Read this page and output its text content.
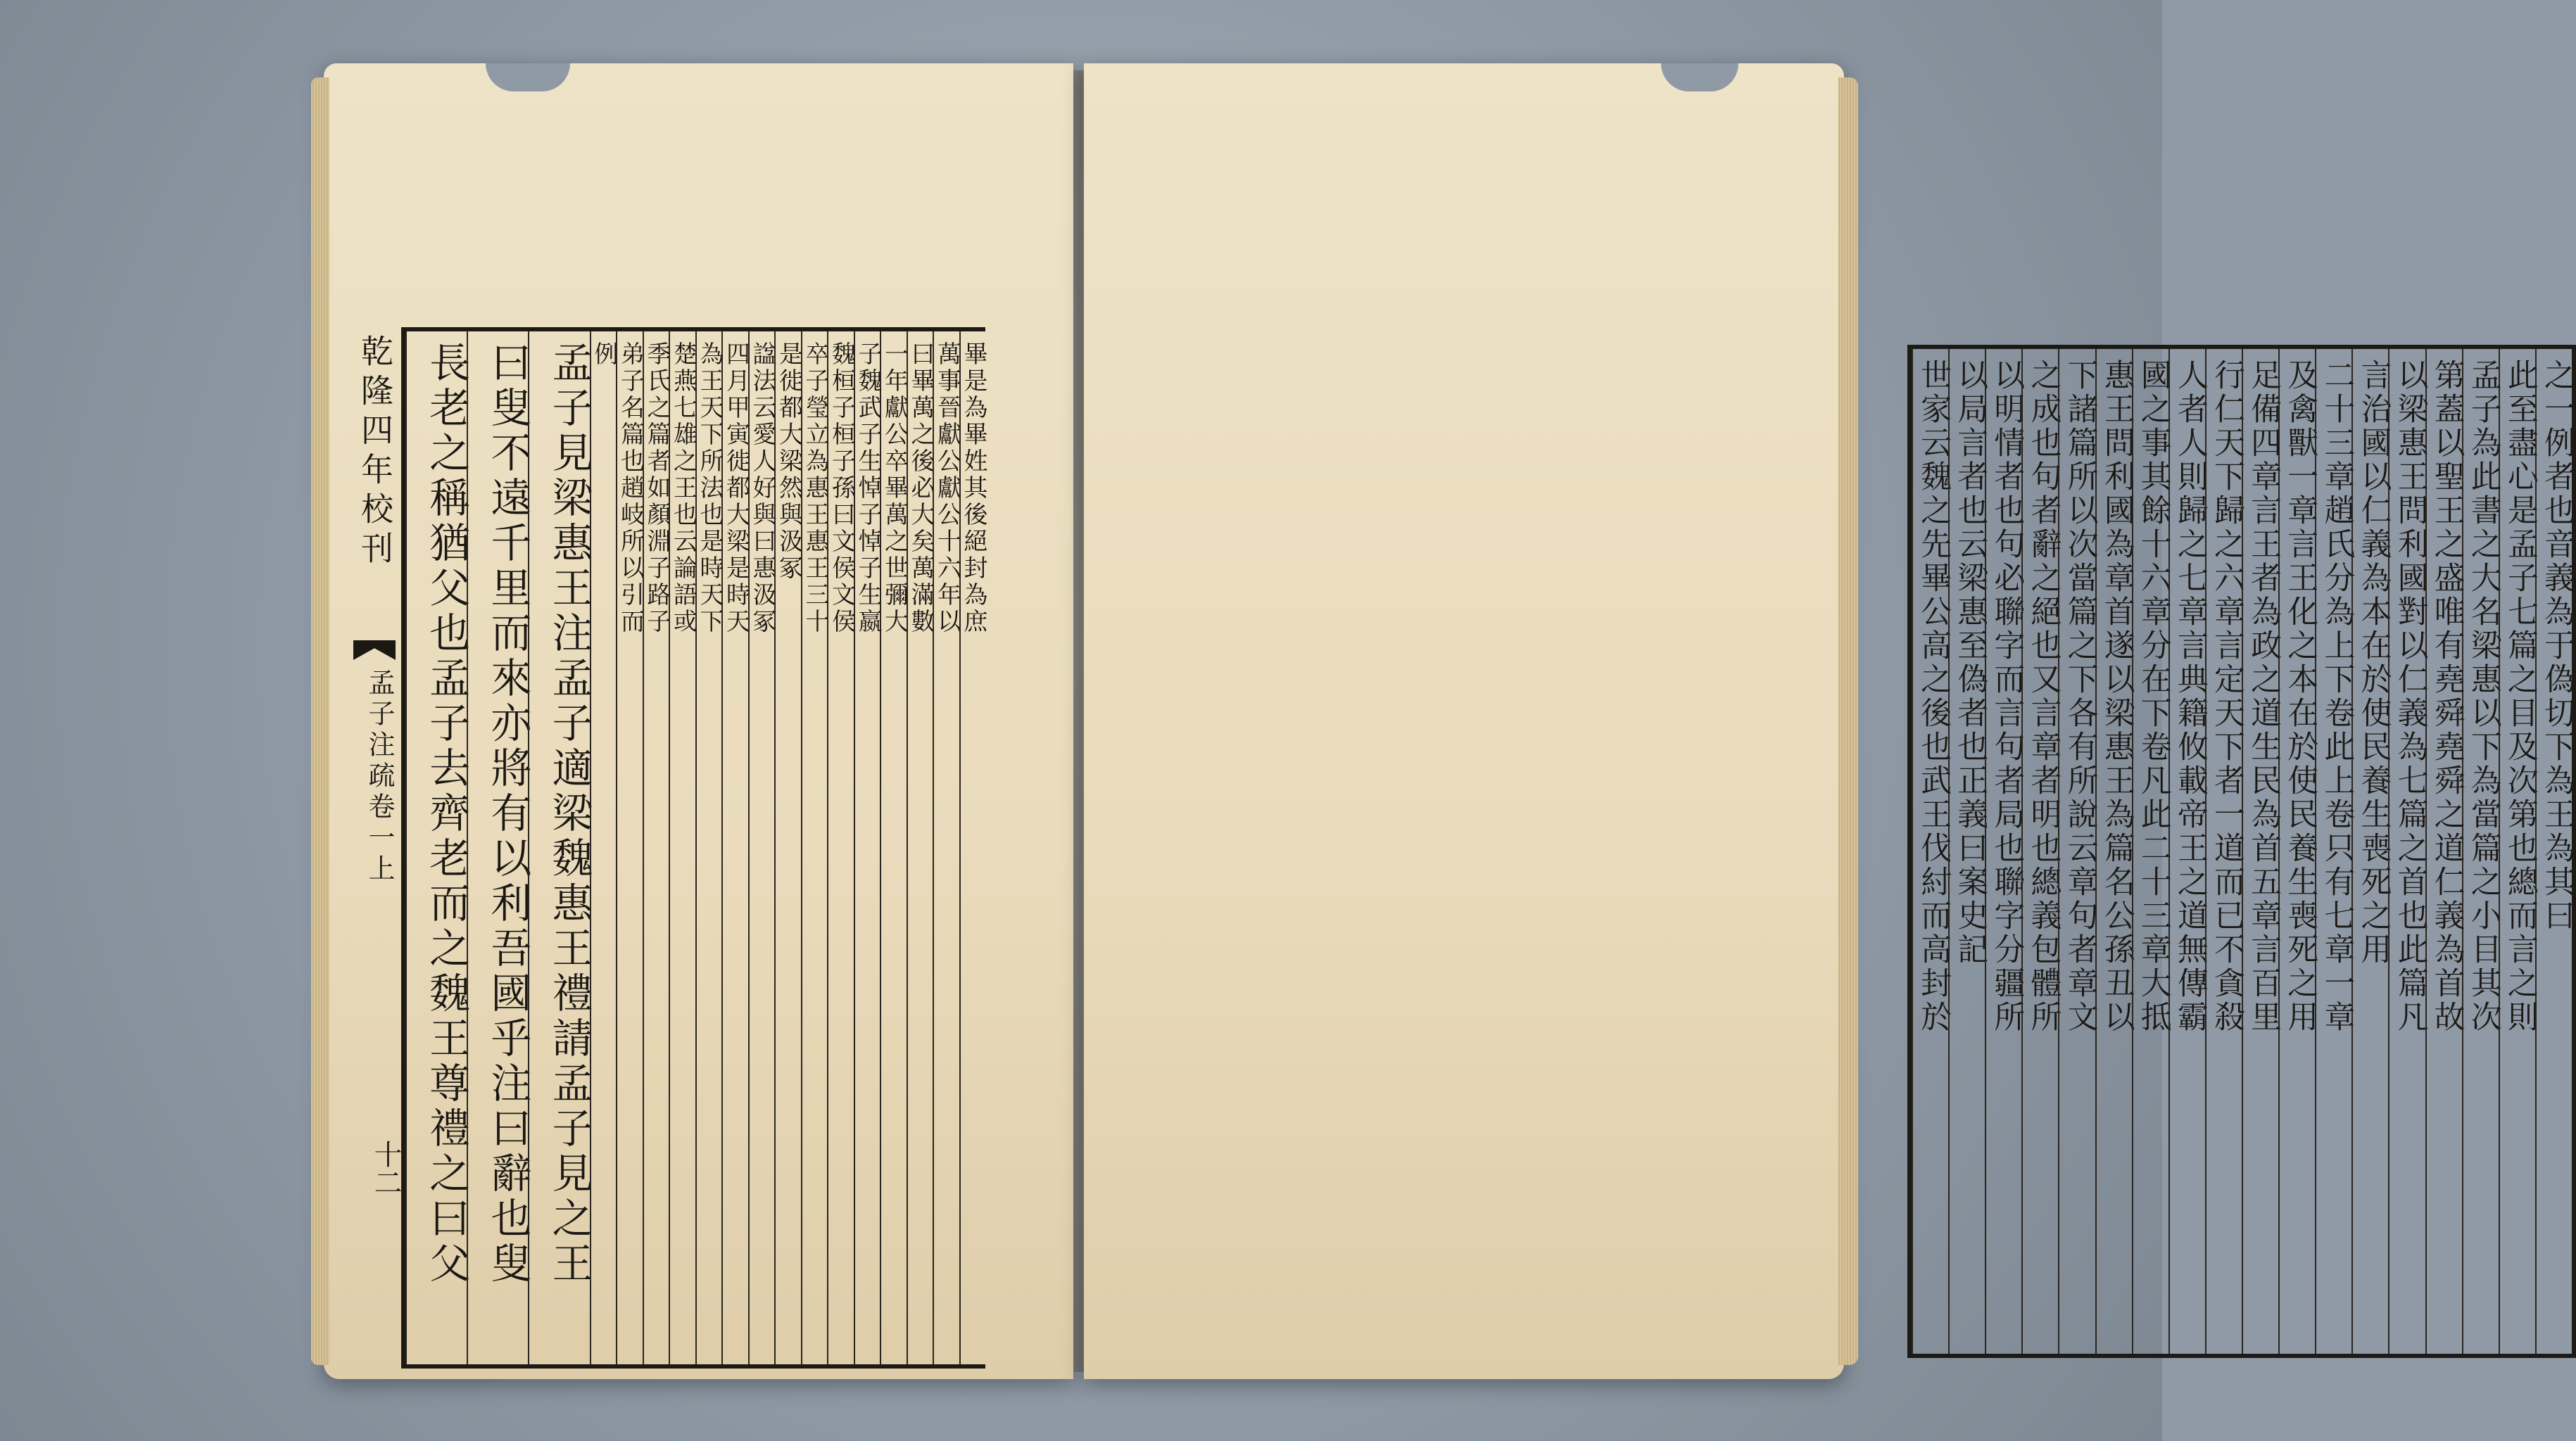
乾隆四年校刊
孟子注疏卷一上
十二
畢是為畢姓其後絕封為庶
萬事晉獻公獻公十六年以
曰畢萬之後必大矣萬滿數
一年獻公卒畢萬之世彌大
子魏武子生悼子悼子生嬴
魏桓子桓子孫曰文侯文侯
卒子瑩立為惠王惠王三十
是徙都大梁然與汲冢
諡法云愛人好與曰惠汲冢
四月甲寅徙都大梁是時天
為王天下所法也是時天下
楚燕七雄之王也云論語或
季氏之篇者如顏淵子路子
弟子名篇也趙岐所以引而
例
孟子見梁惠王注孟子適梁魏惠王禮請孟子見之王
曰叟不遠千里而來亦將有以利吾國乎注曰辭也叟
長老之稱猶父也孟子去齊老而之魏王尊禮之曰父	之一例者也音義為于偽切下為王為其曰
此至盡心是孟子七篇之目及次第也總而言之則
孟子為此書之大名梁惠以下為當篇之小目其次
第蓋以聖王之盛唯有堯舜堯舜之道仁義為首故
以梁惠王問利國對以仁義為七篇之首也此篇凡
言治國以仁義為本在於使民養生喪死之用
二十三章趙氏分為上下卷此上卷只有七章一章
及禽獸一章言王化之本在於使民養生喪死之用
足備四章言王者為政之道生民為首五章言百里
行仁天下歸之六章言定天下者一道而已不貪殺
人者人則歸之七章言典籍攸載帝王之道無傳霸
國之事其餘十六章分在下卷凡此二十三章大抵
惠王問利國為章首遂以梁惠王為篇名公孫丑以
下諸篇所以次當篇之下各有所說云章句者章文
之成也句者辭之絕也又言章者明也總義包體所
以明情者也句必聯字而言句者局也聯字分疆所
以局言者也云梁惠至偽者也正義曰案史記
世家云魏之先畢公高之後也武王伐紂而高封於
